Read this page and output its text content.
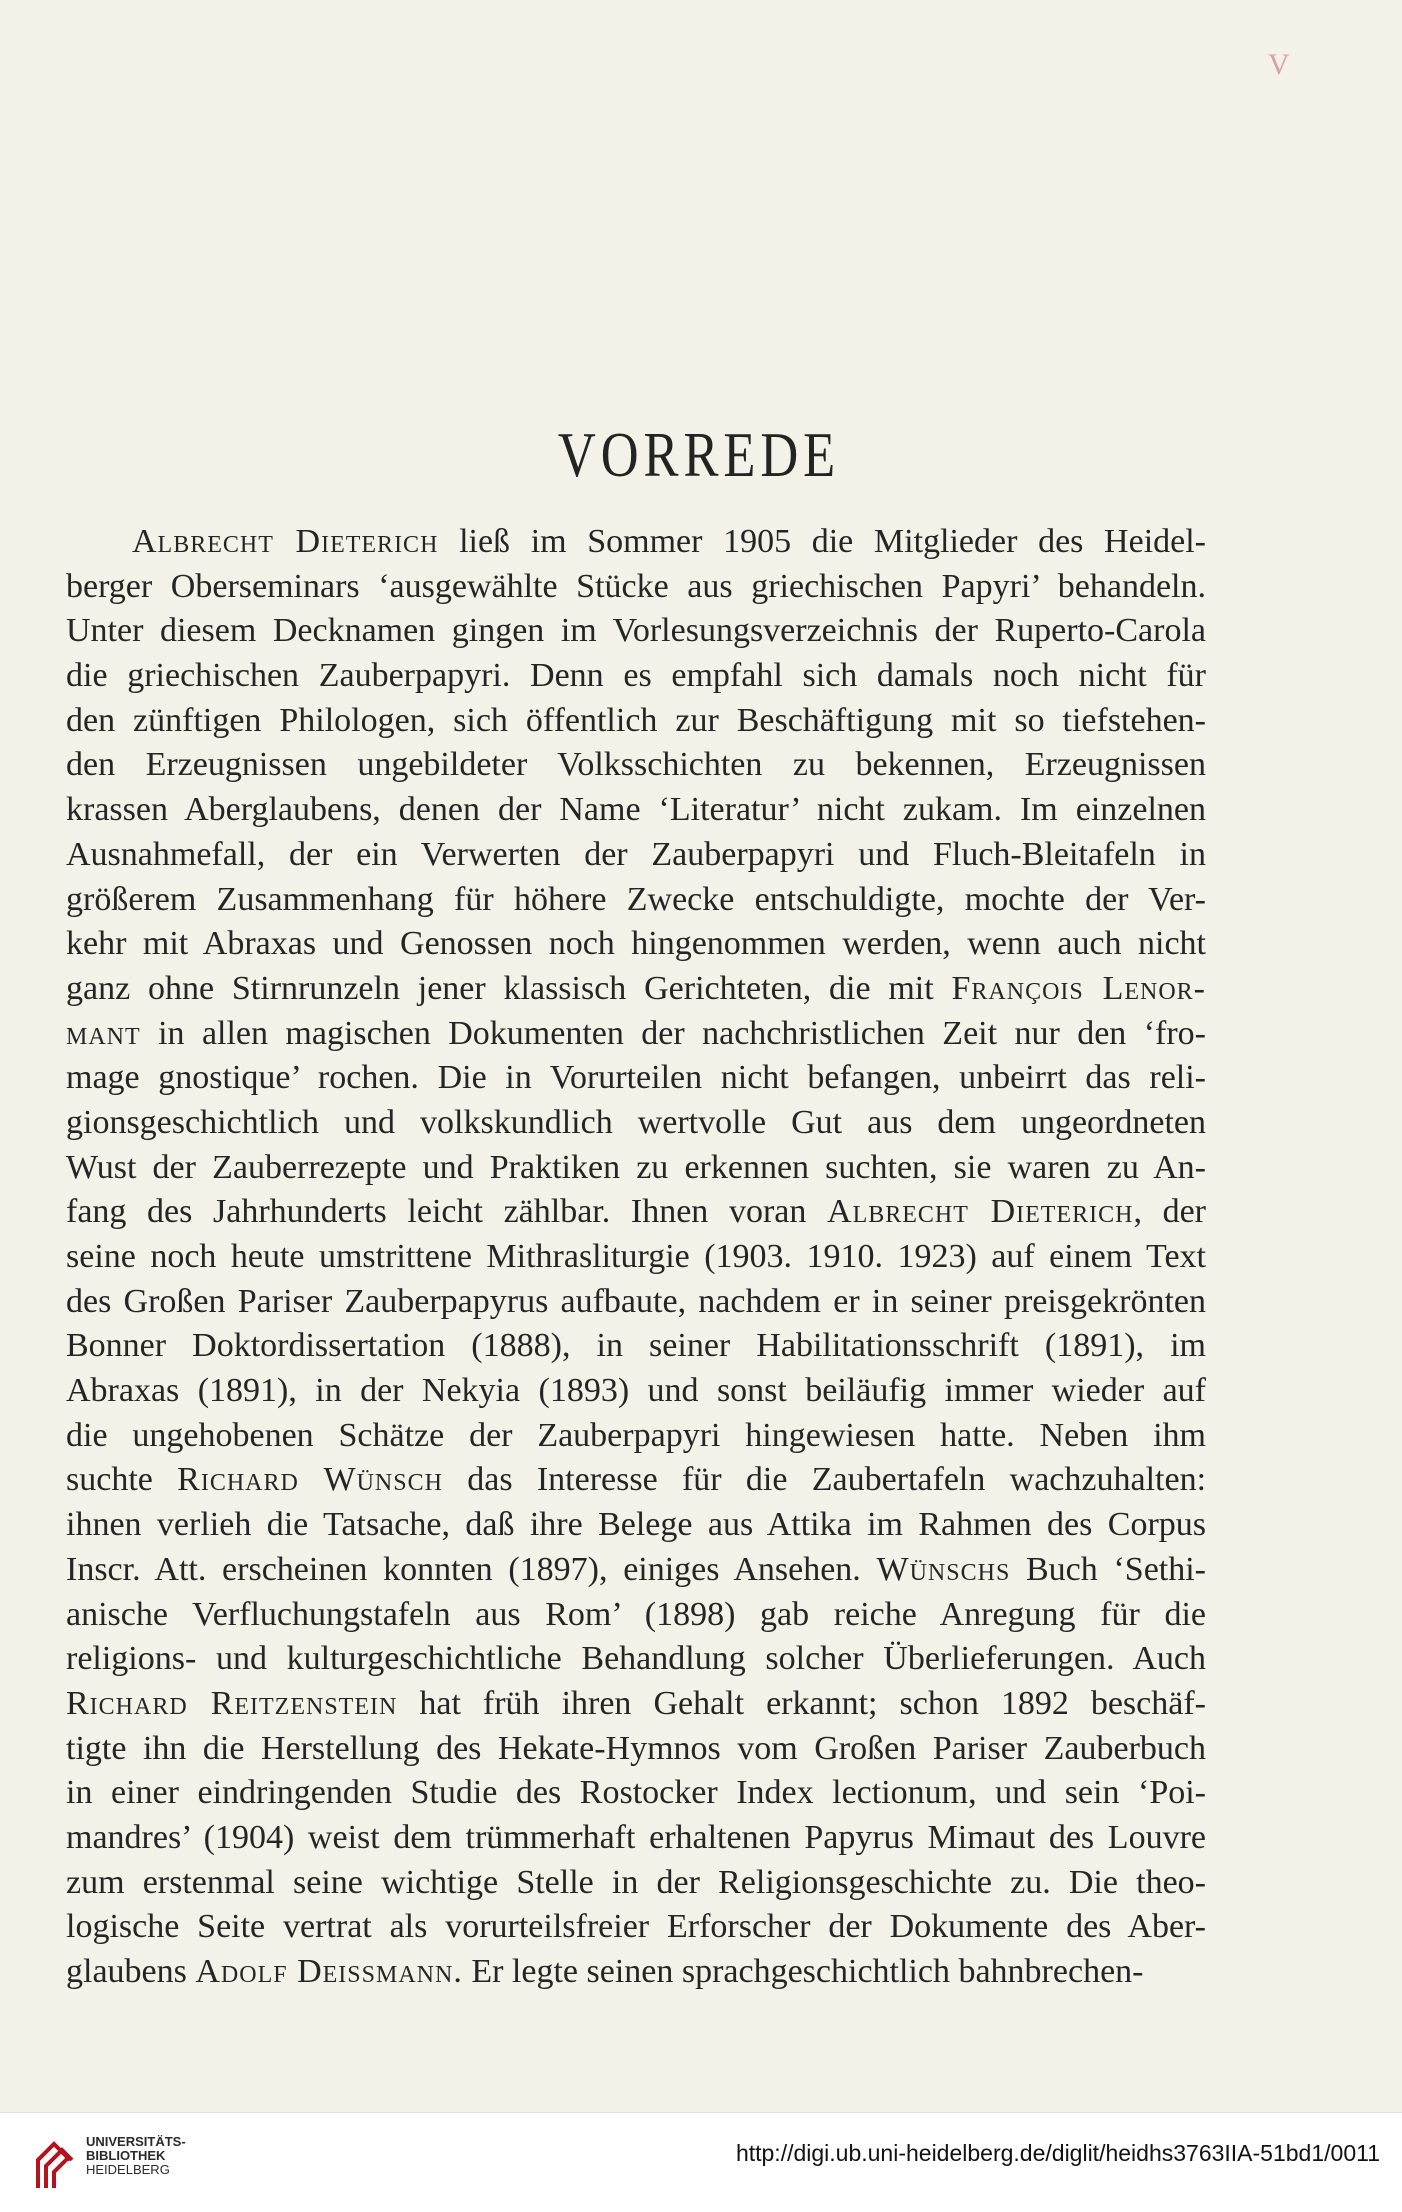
V
VORREDE
Albrecht Dieterich ließ im Sommer 1905 die Mitglieder des Heidel-
berger Oberseminars ‘ausgewählte Stücke aus griechischen Papyri’ behandeln.
Unter diesem Decknamen gingen im Vorlesungsverzeichnis der Ruperto-Carola
die griechischen Zauberpapyri. Denn es empfahl sich damals noch nicht für
den zünftigen Philologen, sich öffentlich zur Beschäftigung mit so tiefstehen-
den Erzeugnissen ungebildeter Volksschichten zu bekennen, Erzeugnissen
krassen Aberglaubens, denen der Name ‘Literatur’ nicht zukam. Im einzelnen
Ausnahmefall, der ein Verwerten der Zauberpapyri und Fluch-Bleitafeln in
größerem Zusammenhang für höhere Zwecke entschuldigte, mochte der Ver-
kehr mit Abraxas und Genossen noch hingenommen werden, wenn auch nicht
ganz ohne Stirnrunzeln jener klassisch Gerichteten, die mit François Lenor-
mant in allen magischen Dokumenten der nachchristlichen Zeit nur den ‘fro-
mage gnostique’ rochen. Die in Vorurteilen nicht befangen, unbeirrt das reli-
gionsgeschichtlich und volkskundlich wertvolle Gut aus dem ungeordneten
Wust der Zauberrezepte und Praktiken zu erkennen suchten, sie waren zu An-
fang des Jahrhunderts leicht zählbar. Ihnen voran Albrecht Dieterich, der
seine noch heute umstrittene Mithrasliturgie (1903. 1910. 1923) auf einem Text
des Großen Pariser Zauberpapyrus aufbaute, nachdem er in seiner preisgekrönten
Bonner Doktordissertation (1888), in seiner Habilitationsschrift (1891), im
Abraxas (1891), in der Nekyia (1893) und sonst beiläufig immer wieder auf
die ungehobenen Schätze der Zauberpapyri hingewiesen hatte. Neben ihm
suchte Richard Wünsch das Interesse für die Zaubertafeln wachzuhalten:
ihnen verlieh die Tatsache, daß ihre Belege aus Attika im Rahmen des Corpus
Inscr. Att. erscheinen konnten (1897), einiges Ansehen. Wünschs Buch ‘Sethi-
anische Verfluchungstafeln aus Rom’ (1898) gab reiche Anregung für die
religions- und kulturgeschichtliche Behandlung solcher Überlieferungen. Auch
Richard Reitzenstein hat früh ihren Gehalt erkannt; schon 1892 beschäf-
tigte ihn die Herstellung des Hekate-Hymnos vom Großen Pariser Zauberbuch
in einer eindringenden Studie des Rostocker Index lectionum, und sein ‘Poi-
mandres’ (1904) weist dem trümmerhaft erhaltenen Papyrus Mimaut des Louvre
zum erstenmal seine wichtige Stelle in der Religionsgeschichte zu. Die theo-
logische Seite vertrat als vorurteilsfreier Erforscher der Dokumente des Aber-
glaubens Adolf Deissmann. Er legte seinen sprachgeschichtlich bahnbrechen-
UNIVERSITÄTS-
BIBLIOTHEK
HEIDELBERG
http://digi.ub.uni-heidelberg.de/diglit/heidhs3763IIA-51bd1/0011
